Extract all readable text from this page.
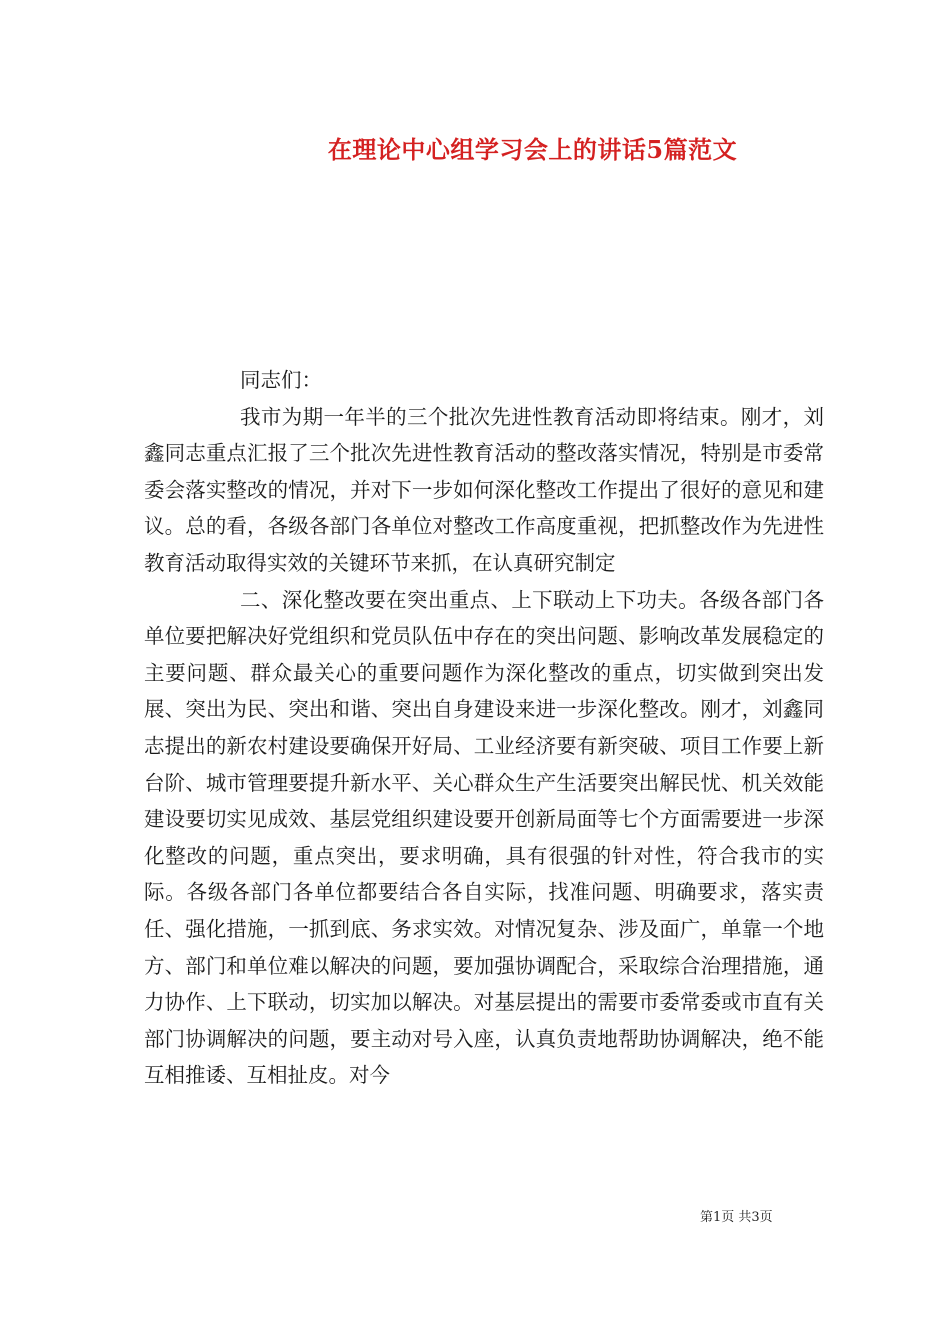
在理论中心组学习会上的讲话5篇范文

同志们：

我市为期一年半的三个批次先进性教育活动即将结束。刚才，刘鑫同志重点汇报了三个批次先进性教育活动的整改落实情况，特别是市委常委会落实整改的情况，并对下一步如何深化整改工作提出了很好的意见和建议。总的看，各级各部门各单位对整改工作高度重视，把抓整改作为先进性教育活动取得实效的关键环节来抓，在认真研究制定

二、深化整改要在突出重点、上下联动上下功夫。各级各部门各单位要把解决好党组织和党员队伍中存在的突出问题、影响改革发展稳定的主要问题、群众最关心的重要问题作为深化整改的重点，切实做到突出发展、突出为民、突出和谐、突出自身建设来进一步深化整改。刚才，刘鑫同志提出的新农村建设要确保开好局、工业经济要有新突破、项目工作要上新台阶、城市管理要提升新水平、关心群众生产生活要突出解民忧、机关效能建设要切实见成效、基层党组织建设要开创新局面等七个方面需要进一步深化整改的问题，重点突出，要求明确，具有很强的针对性，符合我市的实际。各级各部门各单位都要结合各自实际，找准问题、明确要求，落实责任、强化措施，一抓到底、务求实效。对情况复杂、涉及面广，单靠一个地方、部门和单位难以解决的问题，要加强协调配合，采取综合治理措施，通力协作、上下联动，切实加以解决。对基层提出的需要市委常委或市直有关部门协调解决的问题，要主动对号入座，认真负责地帮助协调解决，绝不能互相推诿、互相扯皮。对今

第1页 共3页
